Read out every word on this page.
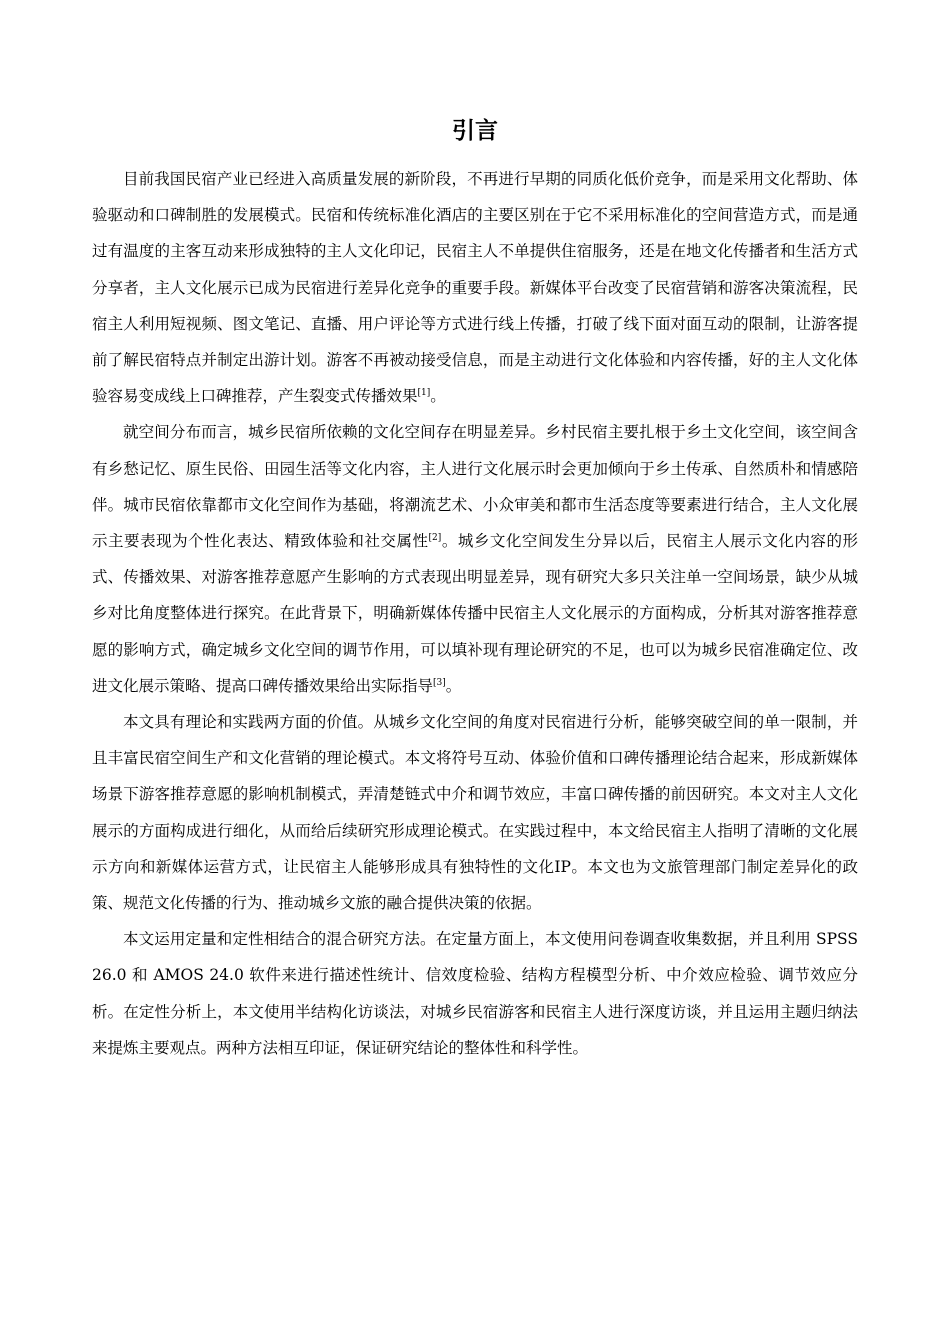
引言

目前我国民宿产业已经进入高质量发展的新阶段，不再进行早期的同质化低价竞争，而是采用文化帮助、体验驱动和口碑制胜的发展模式。民宿和传统标准化酒店的主要区别在于它不采用标准化的空间营造方式，而是通过有温度的主客互动来形成独特的主人文化印记，民宿主人不单提供住宿服务，还是在地文化传播者和生活方式分享者，主人文化展示已成为民宿进行差异化竞争的重要手段。新媒体平台改变了民宿营销和游客决策流程，民宿主人利用短视频、图文笔记、直播、用户评论等方式进行线上传播，打破了线下面对面互动的限制，让游客提前了解民宿特点并制定出游计划。游客不再被动接受信息，而是主动进行文化体验和内容传播，好的主人文化体验容易变成线上口碑推荐，产生裂变式传播效果[1]。

就空间分布而言，城乡民宿所依赖的文化空间存在明显差异。乡村民宿主要扎根于乡土文化空间，该空间含有乡愁记忆、原生民俗、田园生活等文化内容，主人进行文化展示时会更加倾向于乡土传承、自然质朴和情感陪伴。城市民宿依靠都市文化空间作为基础，将潮流艺术、小众审美和都市生活态度等要素进行结合，主人文化展示主要表现为个性化表达、精致体验和社交属性[2]。城乡文化空间发生分异以后，民宿主人展示文化内容的形式、传播效果、对游客推荐意愿产生影响的方式表现出明显差异，现有研究大多只关注单一空间场景，缺少从城乡对比角度整体进行探究。在此背景下，明确新媒体传播中民宿主人文化展示的方面构成，分析其对游客推荐意愿的影响方式，确定城乡文化空间的调节作用，可以填补现有理论研究的不足，也可以为城乡民宿准确定位、改进文化展示策略、提高口碑传播效果给出实际指导[3]。

本文具有理论和实践两方面的价值。从城乡文化空间的角度对民宿进行分析，能够突破空间的单一限制，并且丰富民宿空间生产和文化营销的理论模式。本文将符号互动、体验价值和口碑传播理论结合起来，形成新媒体场景下游客推荐意愿的影响机制模式，弄清楚链式中介和调节效应，丰富口碑传播的前因研究。本文对主人文化展示的方面构成进行细化，从而给后续研究形成理论模式。在实践过程中，本文给民宿主人指明了清晰的文化展示方向和新媒体运营方式，让民宿主人能够形成具有独特性的文化IP。本文也为文旅管理部门制定差异化的政策、规范文化传播的行为、推动城乡文旅的融合提供决策的依据。

本文运用定量和定性相结合的混合研究方法。在定量方面上，本文使用问卷调查收集数据，并且利用 SPSS 26.0 和 AMOS 24.0 软件来进行描述性统计、信效度检验、结构方程模型分析、中介效应检验、调节效应分析。在定性分析上，本文使用半结构化访谈法，对城乡民宿游客和民宿主人进行深度访谈，并且运用主题归纳法来提炼主要观点。两种方法相互印证，保证研究结论的整体性和科学性。
